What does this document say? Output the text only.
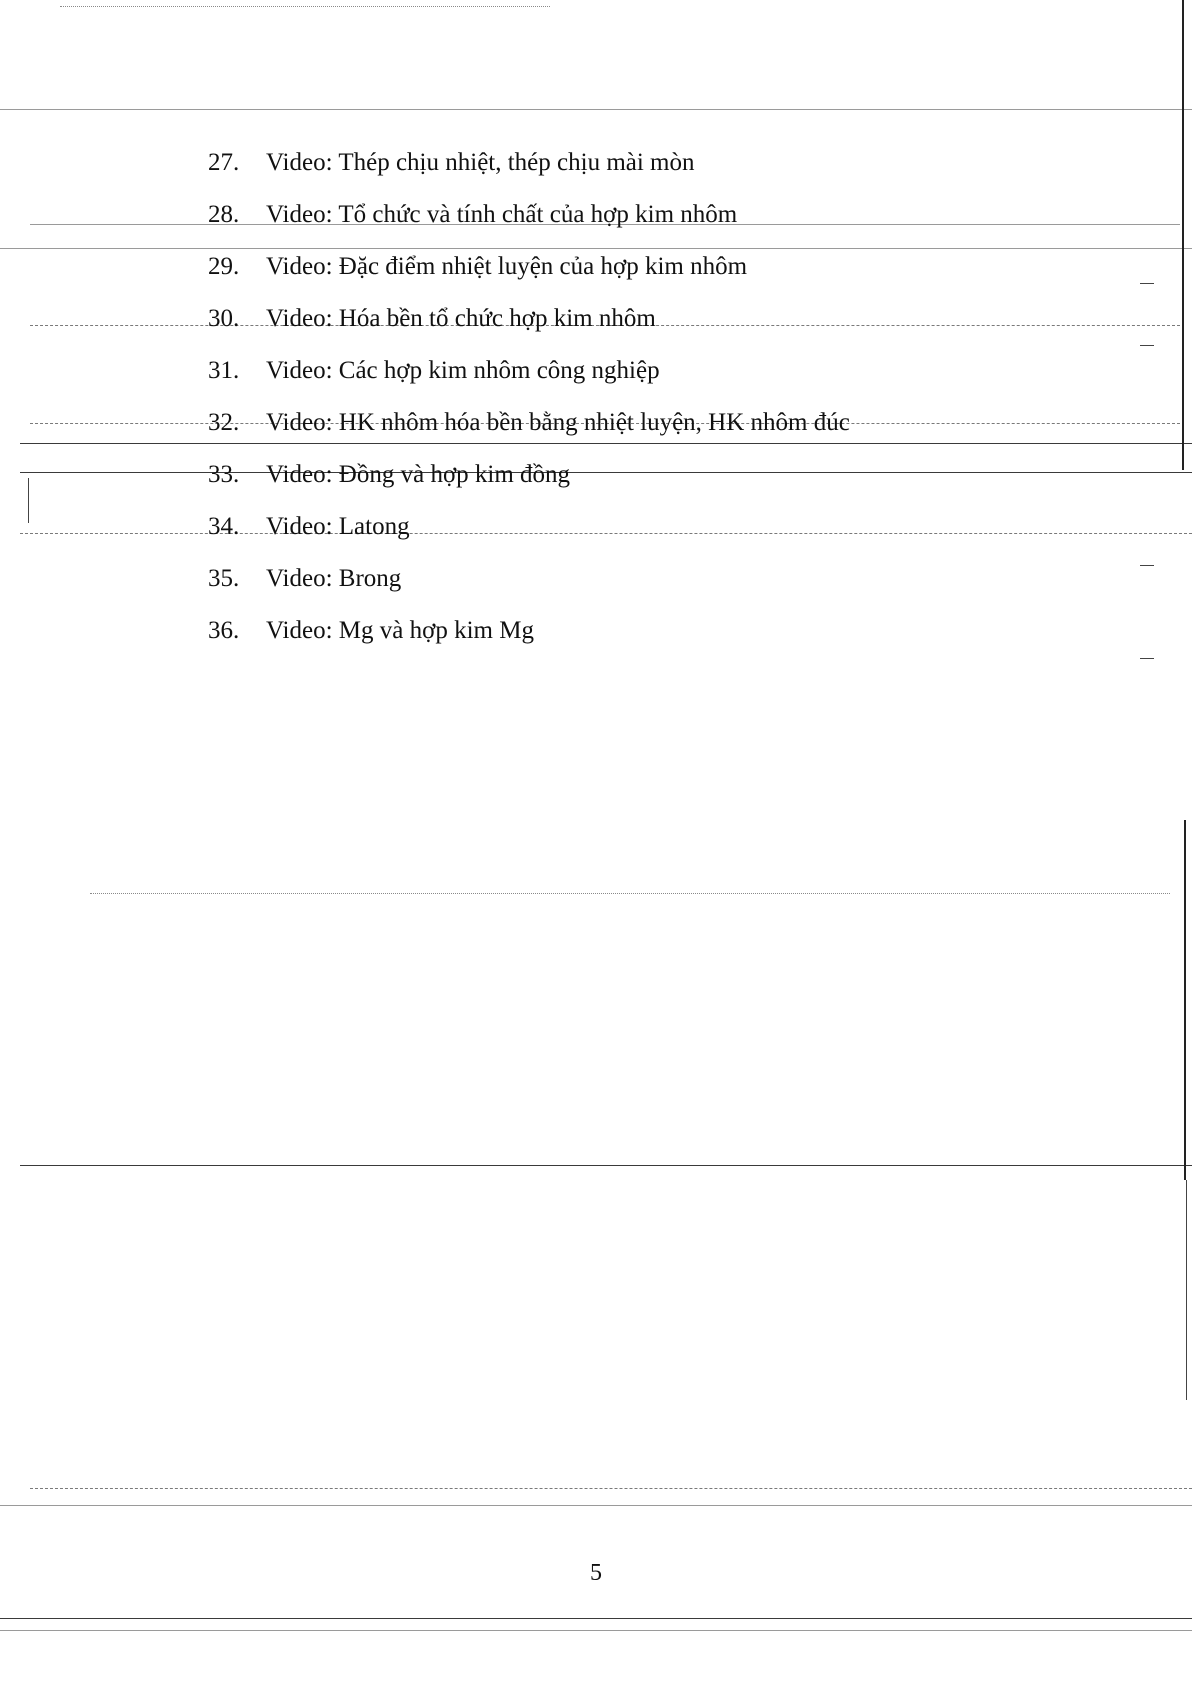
27.	Video: Thép chịu nhiệt, thép chịu mài mòn
28.	Video: Tổ chức và tính chất của hợp kim nhôm
29.	Video: Đặc điểm nhiệt luyện của hợp kim nhôm
30.	Video: Hóa bền tổ chức hợp kim nhôm
31.	Video: Các hợp kim nhôm công nghiệp
32.	Video: HK nhôm hóa bền bằng nhiệt luyện, HK nhôm đúc
33.	Video: Đồng và hợp kim đồng
34.	Video: Latong
35.	Video: Brong
36.	Video: Mg và hợp kim Mg
5
